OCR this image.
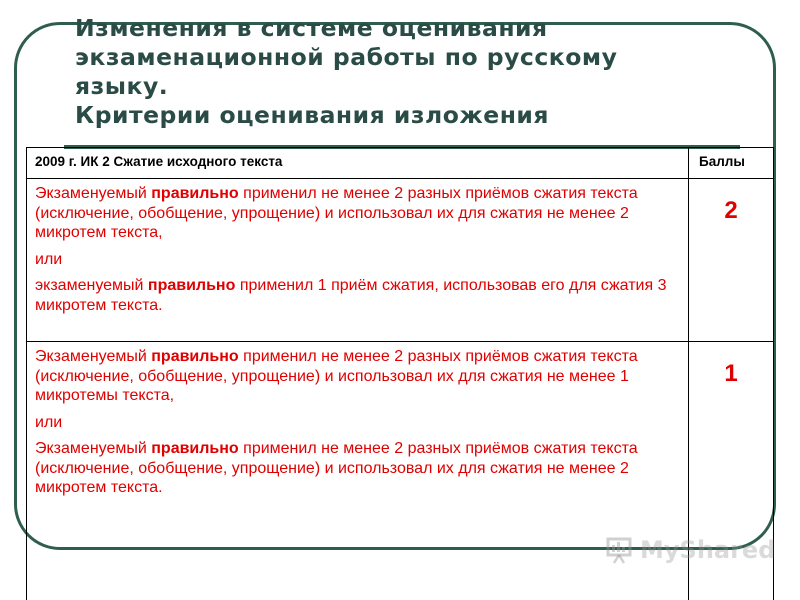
Изменения в системе оценивания
экзаменационной работы по русскому
языку.
Критерии оценивания изложения
2009 г. ИК 2 Сжатие исходного текста	Баллы

Экзаменуемый правильно применил не менее 2 разных приёмов сжатия текста (исключение, обобщение, упрощение) и использовал их для сжатия не менее 2 микротем текста,

или

экзаменуемый правильно применил 1 приём сжатия, использовав его для сжатия 3 микротем текста.	2

Экзаменуемый правильно применил не менее 2 разных приёмов сжатия текста (исключение, обобщение, упрощение) и использовал их для сжатия не менее 1 микротемы текста,

или

Экзаменуемый правильно применил не менее 2 разных приёмов сжатия текста (исключение, обобщение, упрощение) и использовал их для сжатия не менее 2 микротем текста.	1
MyShared
